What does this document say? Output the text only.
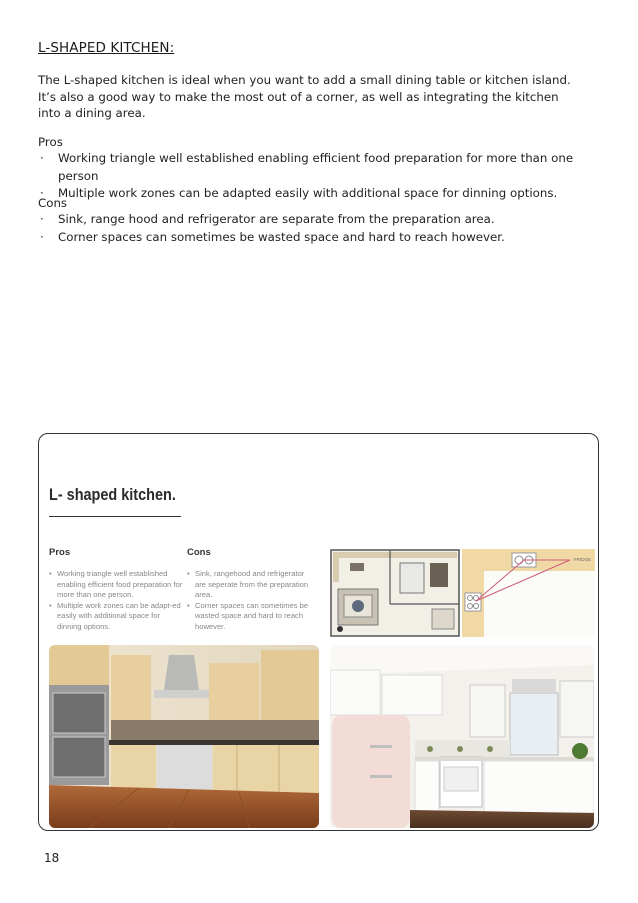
L-SHAPED KITCHEN:

The L-shaped kitchen is ideal when you want to add a small dining table or kitchen island.

It’s also a good way to make the most out of a corner, as well as integrating the kitchen

into a dining area.

Pros
· Working triangle well established enabling efficient food preparation for more than one person
· Multiple work zones can be adapted easily with additional space for dinning options.
Cons
· Sink, range hood and refrigerator are separate from the preparation area.
· Corner spaces can sometimes be wasted space and hard to reach however.
L- shaped kitchen.
Pros
• Working triangle well established enabling efficient food preparation for more than one person.
• Multiple work zones can be adapt-ed easily with additional space for dinning options.
Cons
• Sink, rangehood and refrigerator are seperate from the preparation area.
• Corner spaces can sometimes be wasted space and hard to reach however.
FRIDGE
18
